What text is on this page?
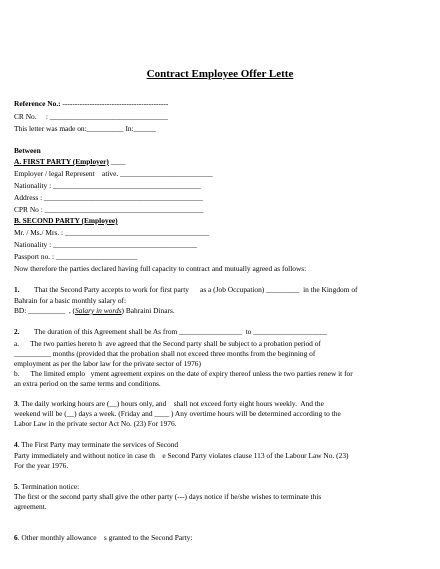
Contract Employee Offer Lette
Reference No.: -------------------------------------------
CR No.     : ________________________________
This letter was made on:__________ In:______
Between
A. FIRST PARTY (Employer) ____
Employer / legal Represent    ative. _________________________
Nationality : ________________________________________
Address : ___________________________________________
CPR No : ___________________________________________
B. SECOND PARTY (Employee)
Mr. / Ms./ Mrs. : _______________________________________
Nationality : _______________________________________
Passport no. : ______________________
Now therefore the parties declared having full capacity to contract and mutually agreed as follows:
1. That the Second Party accepts to work for first party      as a (Job Occupation) _________  in the Kingdom of
Bahrain for a basic monthly salary of:
BD: __________  , (Salary in words) Bahraini Dinars.
2. The duration of this Agreement shall be As from _________________  to ____________________
a.      The two parties hereto h  ave agreed that the Second party shall be subject to a probation period of
__________ months (provided that the probation shall not exceed three months from the beginning of
employment as per the labor law for the private sector of 1976)
b.      The limited emplo   yment agreement expires on the date of expiry thereof unless the two parties renew it for
an extra period on the same terms and conditions.
3. The daily working hours are (__) hours only, and    shall not exceed forty eight hours weekly.  And the
weekend will be (__) days a week. (Friday and ____ ) Any overtime hours will be determined according to the
Labor Law in the private sector Act No. (23) For 1976.
4. The First Party may terminate the services of Second
Party immediately and without notice in case th    e Second Party violates clause 113 of the Labour Law No. (23)
For the year 1976.
5. Termination notice:
The first or the second party shall give the other party (---) days notice if he/she wishes to terminate this
agreement.
6. Other monthly allowance    s granted to the Second Party:
